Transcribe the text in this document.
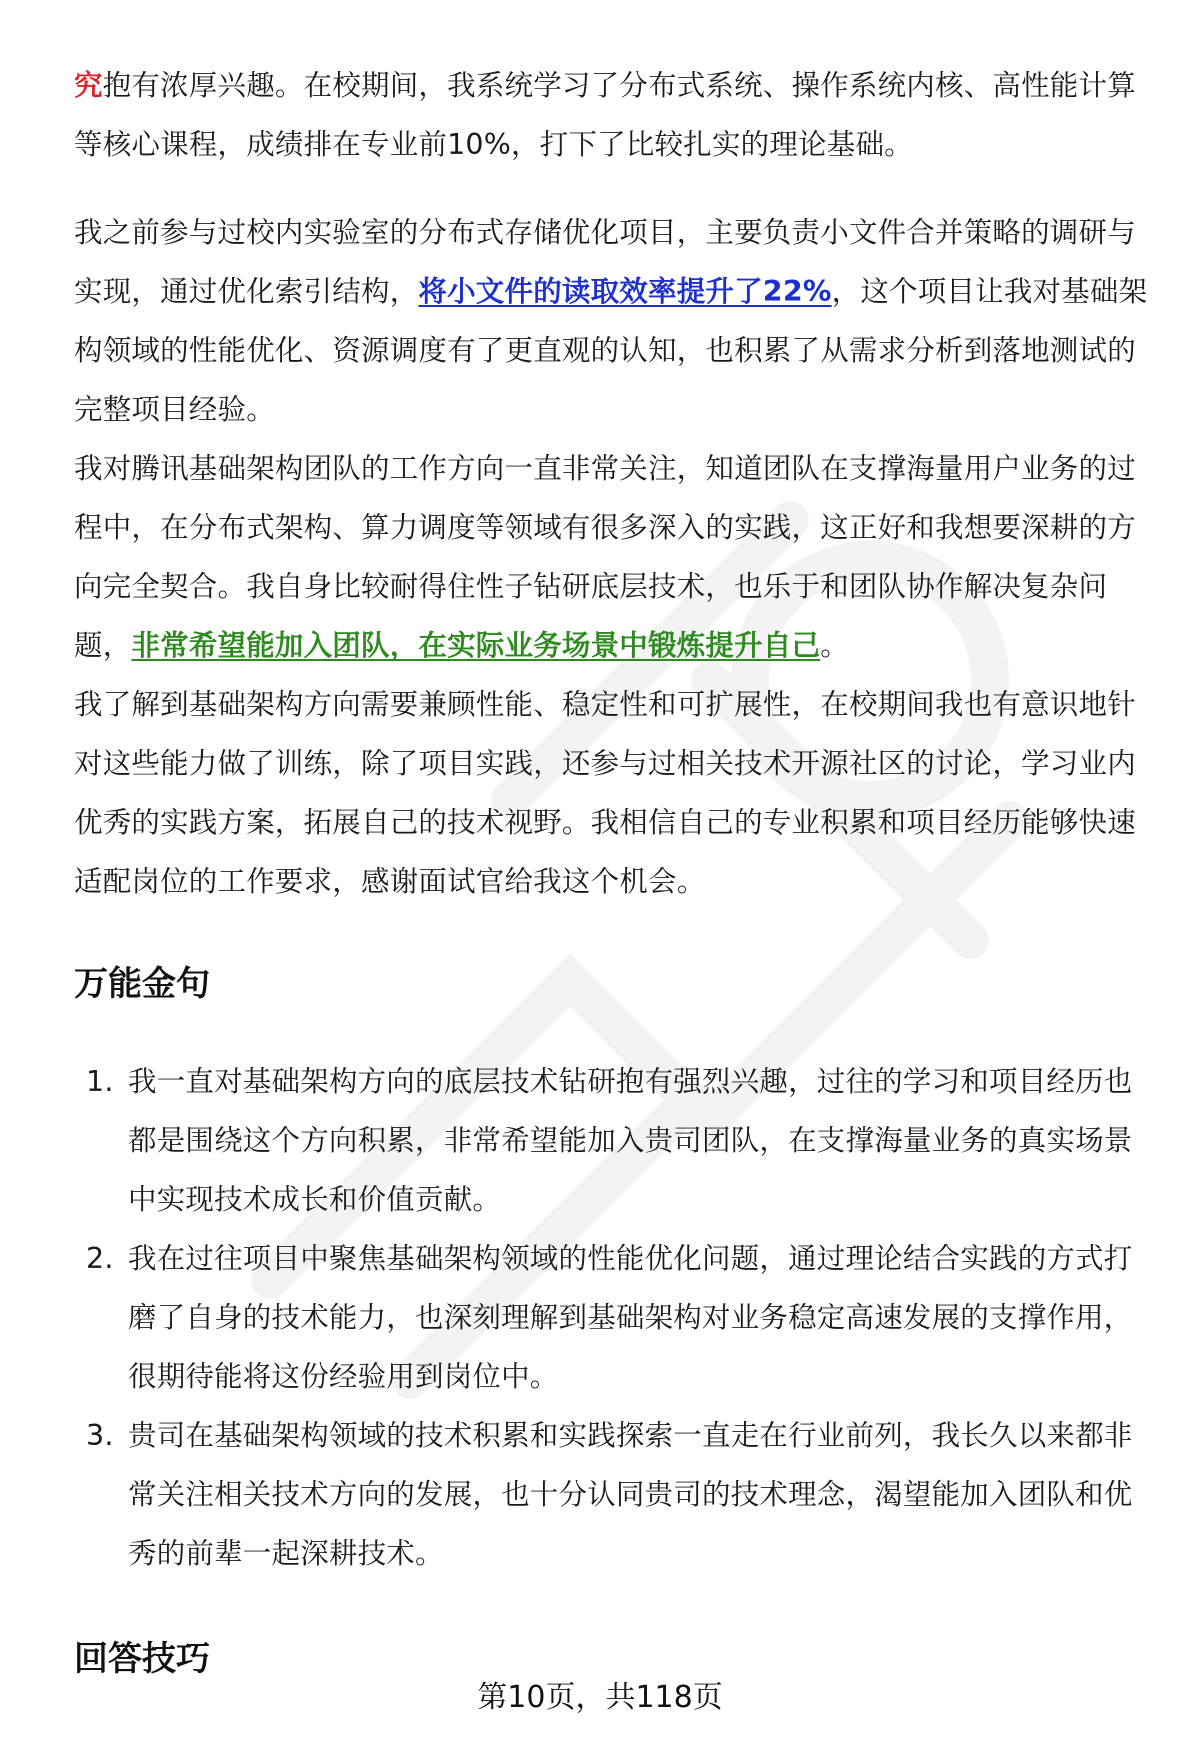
究抱有浓厚兴趣。在校期间，我系统学习了分布式系统、操作系统内核、高性能计算等核心课程，成绩排在专业前10%，打下了比较扎实的理论基础。

我之前参与过校内实验室的分布式存储优化项目，主要负责小文件合并策略的调研与实现，通过优化索引结构，将小文件的读取效率提升了22%，这个项目让我对基础架构领域的性能优化、资源调度有了更直观的认知，也积累了从需求分析到落地测试的完整项目经验。

我对腾讯基础架构团队的工作方向一直非常关注，知道团队在支撑海量用户业务的过程中，在分布式架构、算力调度等领域有很多深入的实践，这正好和我想要深耕的方向完全契合。我自身比较耐得住性子钻研底层技术，也乐于和团队协作解决复杂问题，非常希望能加入团队，在实际业务场景中锻炼提升自己。

我了解到基础架构方向需要兼顾性能、稳定性和可扩展性，在校期间我也有意识地针对这些能力做了训练，除了项目实践，还参与过相关技术开源社区的讨论，学习业内优秀的实践方案，拓展自己的技术视野。我相信自己的专业积累和项目经历能够快速适配岗位的工作要求，感谢面试官给我这个机会。

万能金句
1. 我一直对基础架构方向的底层技术钻研抱有强烈兴趣，过往的学习和项目经历也都是围绕这个方向积累，非常希望能加入贵司团队，在支撑海量业务的真实场景中实现技术成长和价值贡献。
2. 我在过往项目中聚焦基础架构领域的性能优化问题，通过理论结合实践的方式打磨了自身的技术能力，也深刻理解到基础架构对业务稳定高速发展的支撑作用，很期待能将这份经验用到岗位中。
3. 贵司在基础架构领域的技术积累和实践探索一直走在行业前列，我长久以来都非常关注相关技术方向的发展，也十分认同贵司的技术理念，渴望能加入团队和优秀的前辈一起深耕技术。
回答技巧
第10页，共118页
